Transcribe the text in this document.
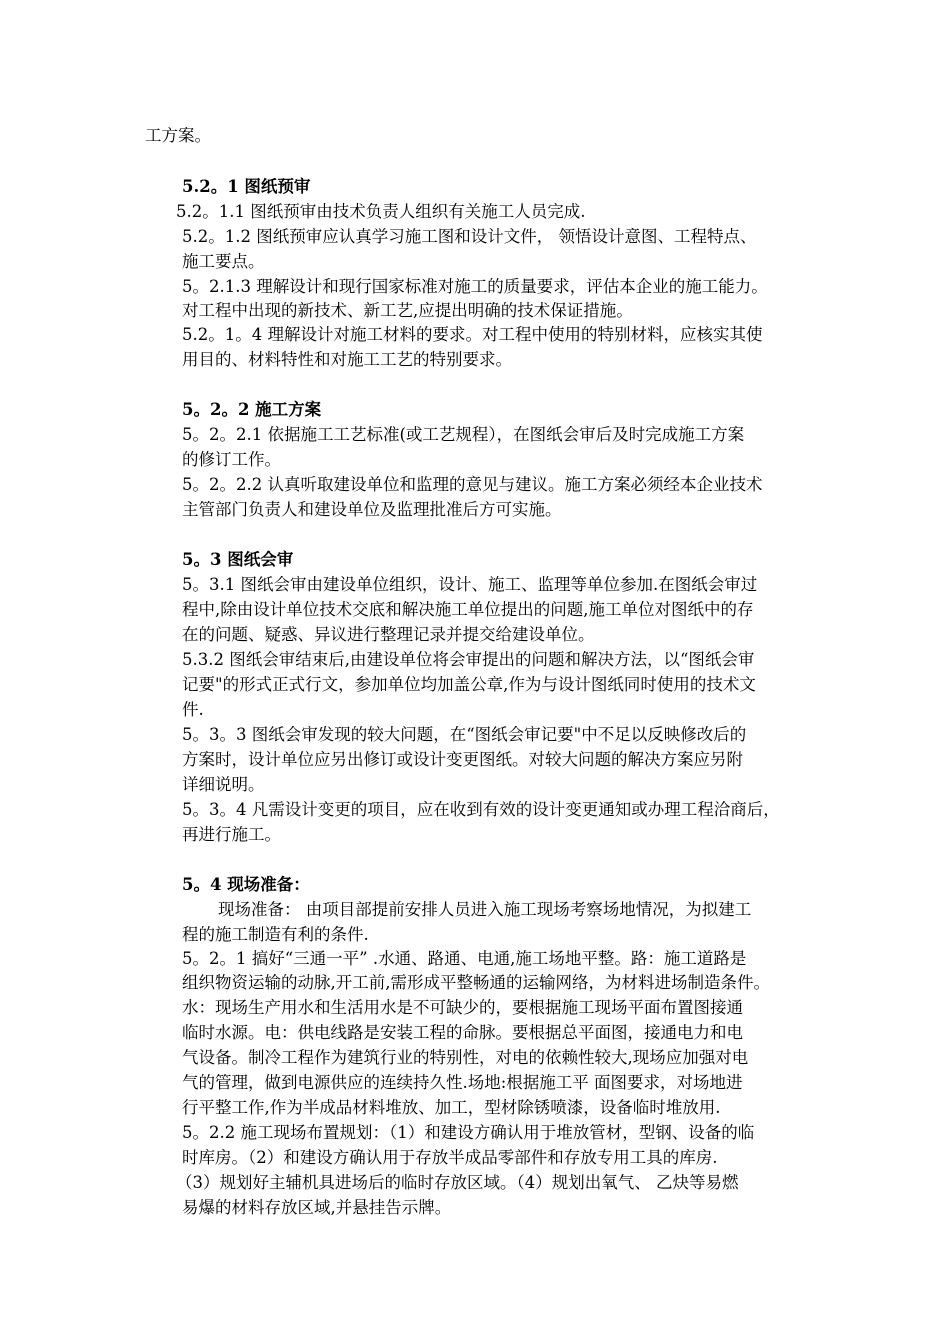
工方案。
5.2。1 图纸预审
5.2。1.1 图纸预审由技术负责人组织有关施工人员完成.
5.2。1.2 图纸预审应认真学习施工图和设计文件， 领悟设计意图、工程特点、
施工要点。
5。2.1.3 理解设计和现行国家标准对施工的质量要求，评估本企业的施工能力。
对工程中出现的新技术、新工艺,应提出明确的技术保证措施。
5.2。1。4 理解设计对施工材料的要求。对工程中使用的特别材料，应核实其使
用目的、材料特性和对施工工艺的特别要求。
5。2。2 施工方案
5。2。2.1 依据施工工艺标准(或工艺规程），在图纸会审后及时完成施工方案
的修订工作。
5。2。2.2 认真听取建设单位和监理的意见与建议。施工方案必须经本企业技术
主管部门负责人和建设单位及监理批准后方可实施。
5。3 图纸会审
5。3.1 图纸会审由建设单位组织，设计、施工、监理等单位参加.在图纸会审过
程中,除由设计单位技术交底和解决施工单位提出的问题,施工单位对图纸中的存
在的问题、疑惑、异议进行整理记录并提交给建设单位。
5.3.2 图纸会审结束后,由建设单位将会审提出的问题和解决方法，以“图纸会审
记要"的形式正式行文，参加单位均加盖公章,作为与设计图纸同时使用的技术文
件.
5。3。3 图纸会审发现的较大问题，在“图纸会审记要"中不足以反映修改后的
方案时，设计单位应另出修订或设计变更图纸。对较大问题的解决方案应另附
详细说明。
5。3。4 凡需设计变更的项目，应在收到有效的设计变更通知或办理工程洽商后，
再进行施工。
5。4 现场准备：
现场准备： 由项目部提前安排人员进入施工现场考察场地情况，为拟建工
程的施工制造有利的条件.
5。2。1 搞好“三通一平” .水通、路通、电通,施工场地平整。路：施工道路是
组织物资运输的动脉,开工前,需形成平整畅通的运输网络，为材料进场制造条件。
水：现场生产用水和生活用水是不可缺少的，要根据施工现场平面布置图接通
临时水源。电：供电线路是安装工程的命脉。要根据总平面图，接通电力和电
气设备。制冷工程作为建筑行业的特别性，对电的依赖性较大,现场应加强对电
气的管理，做到电源供应的连续持久性.场地:根据施工平 面图要求，对场地进
行平整工作,作为半成品材料堆放、加工，型材除锈喷漆，设备临时堆放用.
5。2.2 施工现场布置规划：（1）和建设方确认用于堆放管材，型钢、设备的临
时库房。（2）和建设方确认用于存放半成品零部件和存放专用工具的库房.
（3）规划好主辅机具进场后的临时存放区域。（4）规划出氧气、 乙炔等易燃
易爆的材料存放区域,并悬挂告示牌。
